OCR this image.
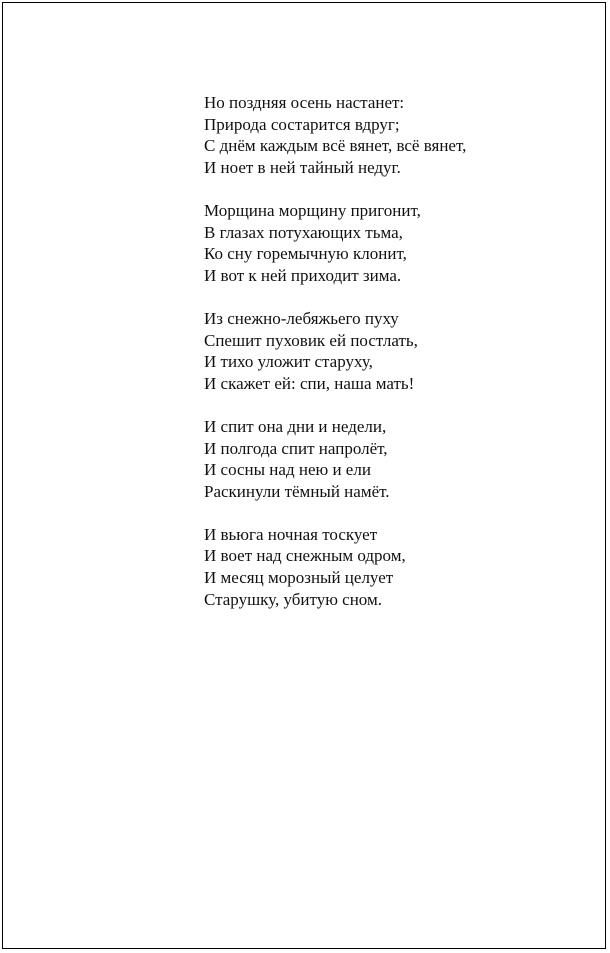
Но поздняя осень настанет:
Природа состарится вдруг;
С днём каждым всё вянет, всё вянет,
И ноет в ней тайный недуг.
Морщина морщину пригонит,
В глазах потухающих тьма,
Ко сну горемычную клонит,
И вот к ней приходит зима.
Из снежно-лебяжьего пуху
Спешит пуховик ей постлать,
И тихо уложит старуху,
И скажет ей: спи, наша мать!
И спит она дни и недели,
И полгода спит напролёт,
И сосны над нею и ели
Раскинули тёмный намёт.
И вьюга ночная тоскует
И воет над снежным одром,
И месяц морозный целует
Старушку, убитую сном.
